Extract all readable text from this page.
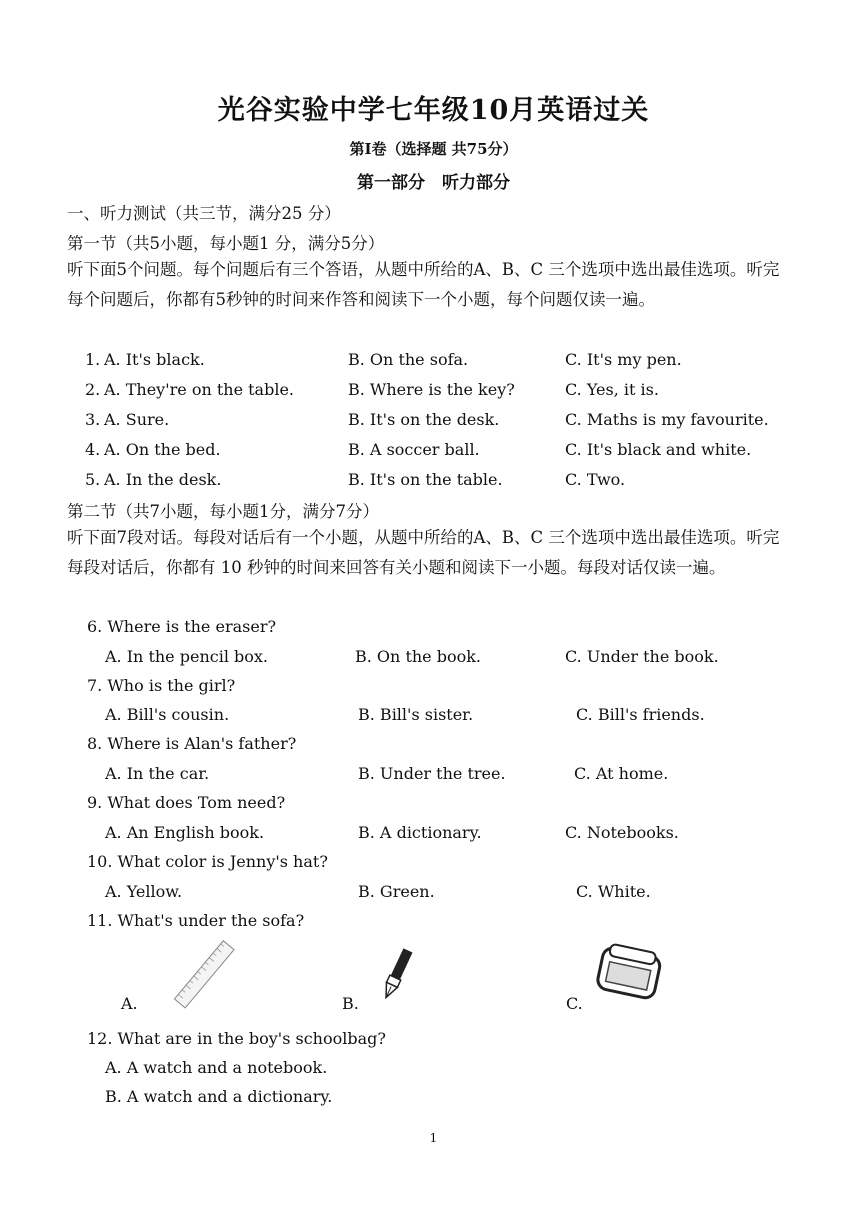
光谷实验中学七年级10月英语过关
第Ⅰ卷（选择题 共75分）
第一部分　听力部分
一、听力测试（共三节，满分25 分）
第一节（共5小题，每小题1 分，满分5分）
听下面5个问题。每个问题后有三个答语，从题中所给的A、B、C 三个选项中选出最佳选项。听完每个问题后，你都有5秒钟的时间来作答和阅读下一个小题，每个问题仅读一遍。
1. A. It's black.	B. On the sofa.	C. It's my pen.
2. A. They're on the table.	B. Where is the key?	C. Yes, it is.
3. A. Sure.	B. It's on the desk.	C. Maths is my favourite.
4. A. On the bed.	B. A soccer ball.	C. It's black and white.
5. A. In the desk.	B. It's on the table.	C. Two.
第二节（共7小题，每小题1分，满分7分）
听下面7段对话。每段对话后有一个小题，从题中所给的A、B、C 三个选项中选出最佳选项。听完每段对话后，你都有 10 秒钟的时间来回答有关小题和阅读下一小题。每段对话仅读一遍。
6. Where is the eraser?
A. In the pencil box.	B. On the book.	C. Under the book.
7. Who is the girl?
A. Bill's cousin.	B. Bill's sister.	C. Bill's friends.
8. Where is Alan's father?
A. In the car.	B. Under the tree.	C. At home.
9. What does Tom need?
A. An English book.	B. A dictionary.	C. Notebooks.
10. What color is Jenny's hat?
A. Yellow.	B. Green.	C. White.
11. What's under the sofa?
A.	B.	C.
12. What are in the boy's schoolbag?
A. A watch and a notebook.
B. A watch and a dictionary.
1
